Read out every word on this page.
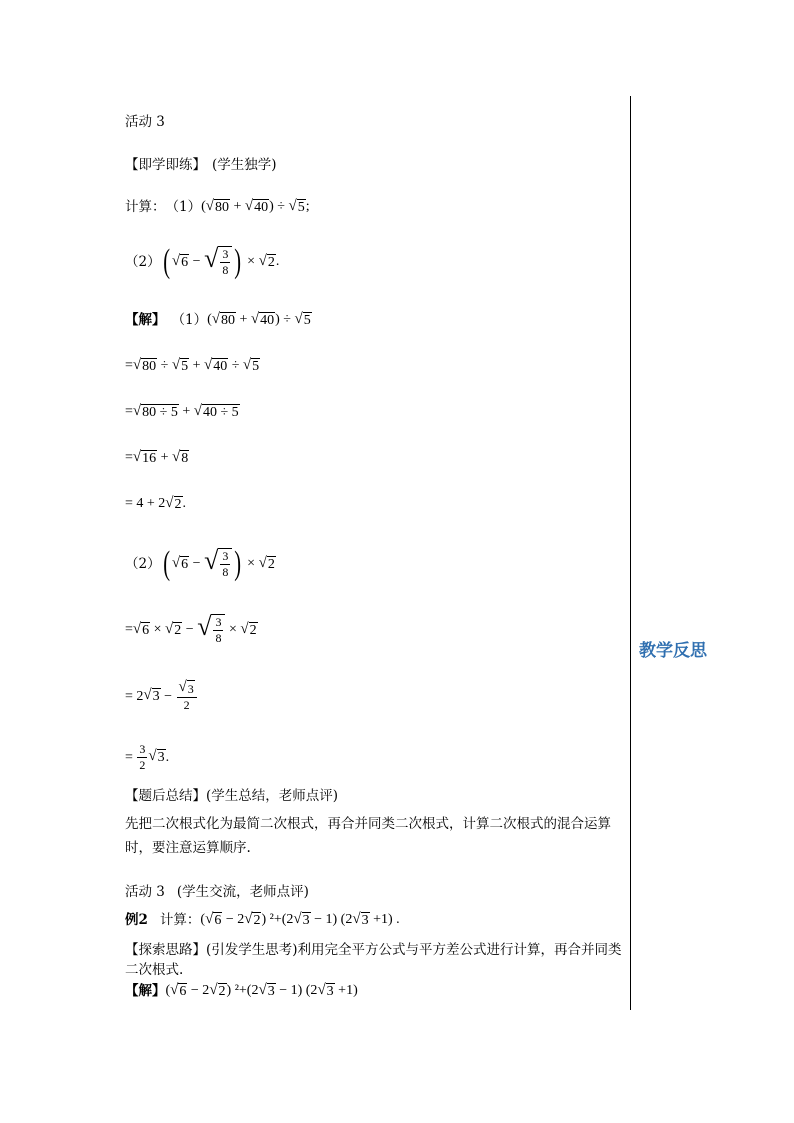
教学反思
活动 3
【即学即练】 (学生独学)
计算： （1） ( √ 80 + √ 40 ) ÷ √ 5 ;
（2） ( √ 6 − √ $\frac{3}{8}$ ) × √ 2 .
【解】 （1） ( √ 80 + √ 40 ) ÷ √ 5
= √ 80 ÷ √ 5 + √ 40 ÷ √ 5
= √ 80 ÷ 5 + √ 40 ÷ 5
= √ 16 + √ 8
= 4 + 2 √ 2 .
（2） ( √ 6 − √ $\frac{3}{8}$ ) × √ 2
= √ 6 × √ 2 − √ $\frac{3}{8}$ × √ 2
= 2 √ $3 - \frac{√ 3}{2}$
= $\frac{3}{2}$ √ 3 .
【题后总结】 (学生总结，老师点评)
先把二次根式化为最简二次根式，再合并同类二次根式，计算二次根式的混合运算时，要注意运算顺序.
活动 3 (学生交流，老师点评)
例2 计算： ( √ 6 − 2 √ 2 ) ²+(2 √ 3 − 1) (2 √ 3 +1) .
【探索思路】(引发学生思考)利用完全平方公式与平方差公式进行计算，再合并同类二次根式.
【解】 ( √ 6 − 2 √ 2 ) ²+(2 √ 3 − 1) (2 √ 3 +1)
